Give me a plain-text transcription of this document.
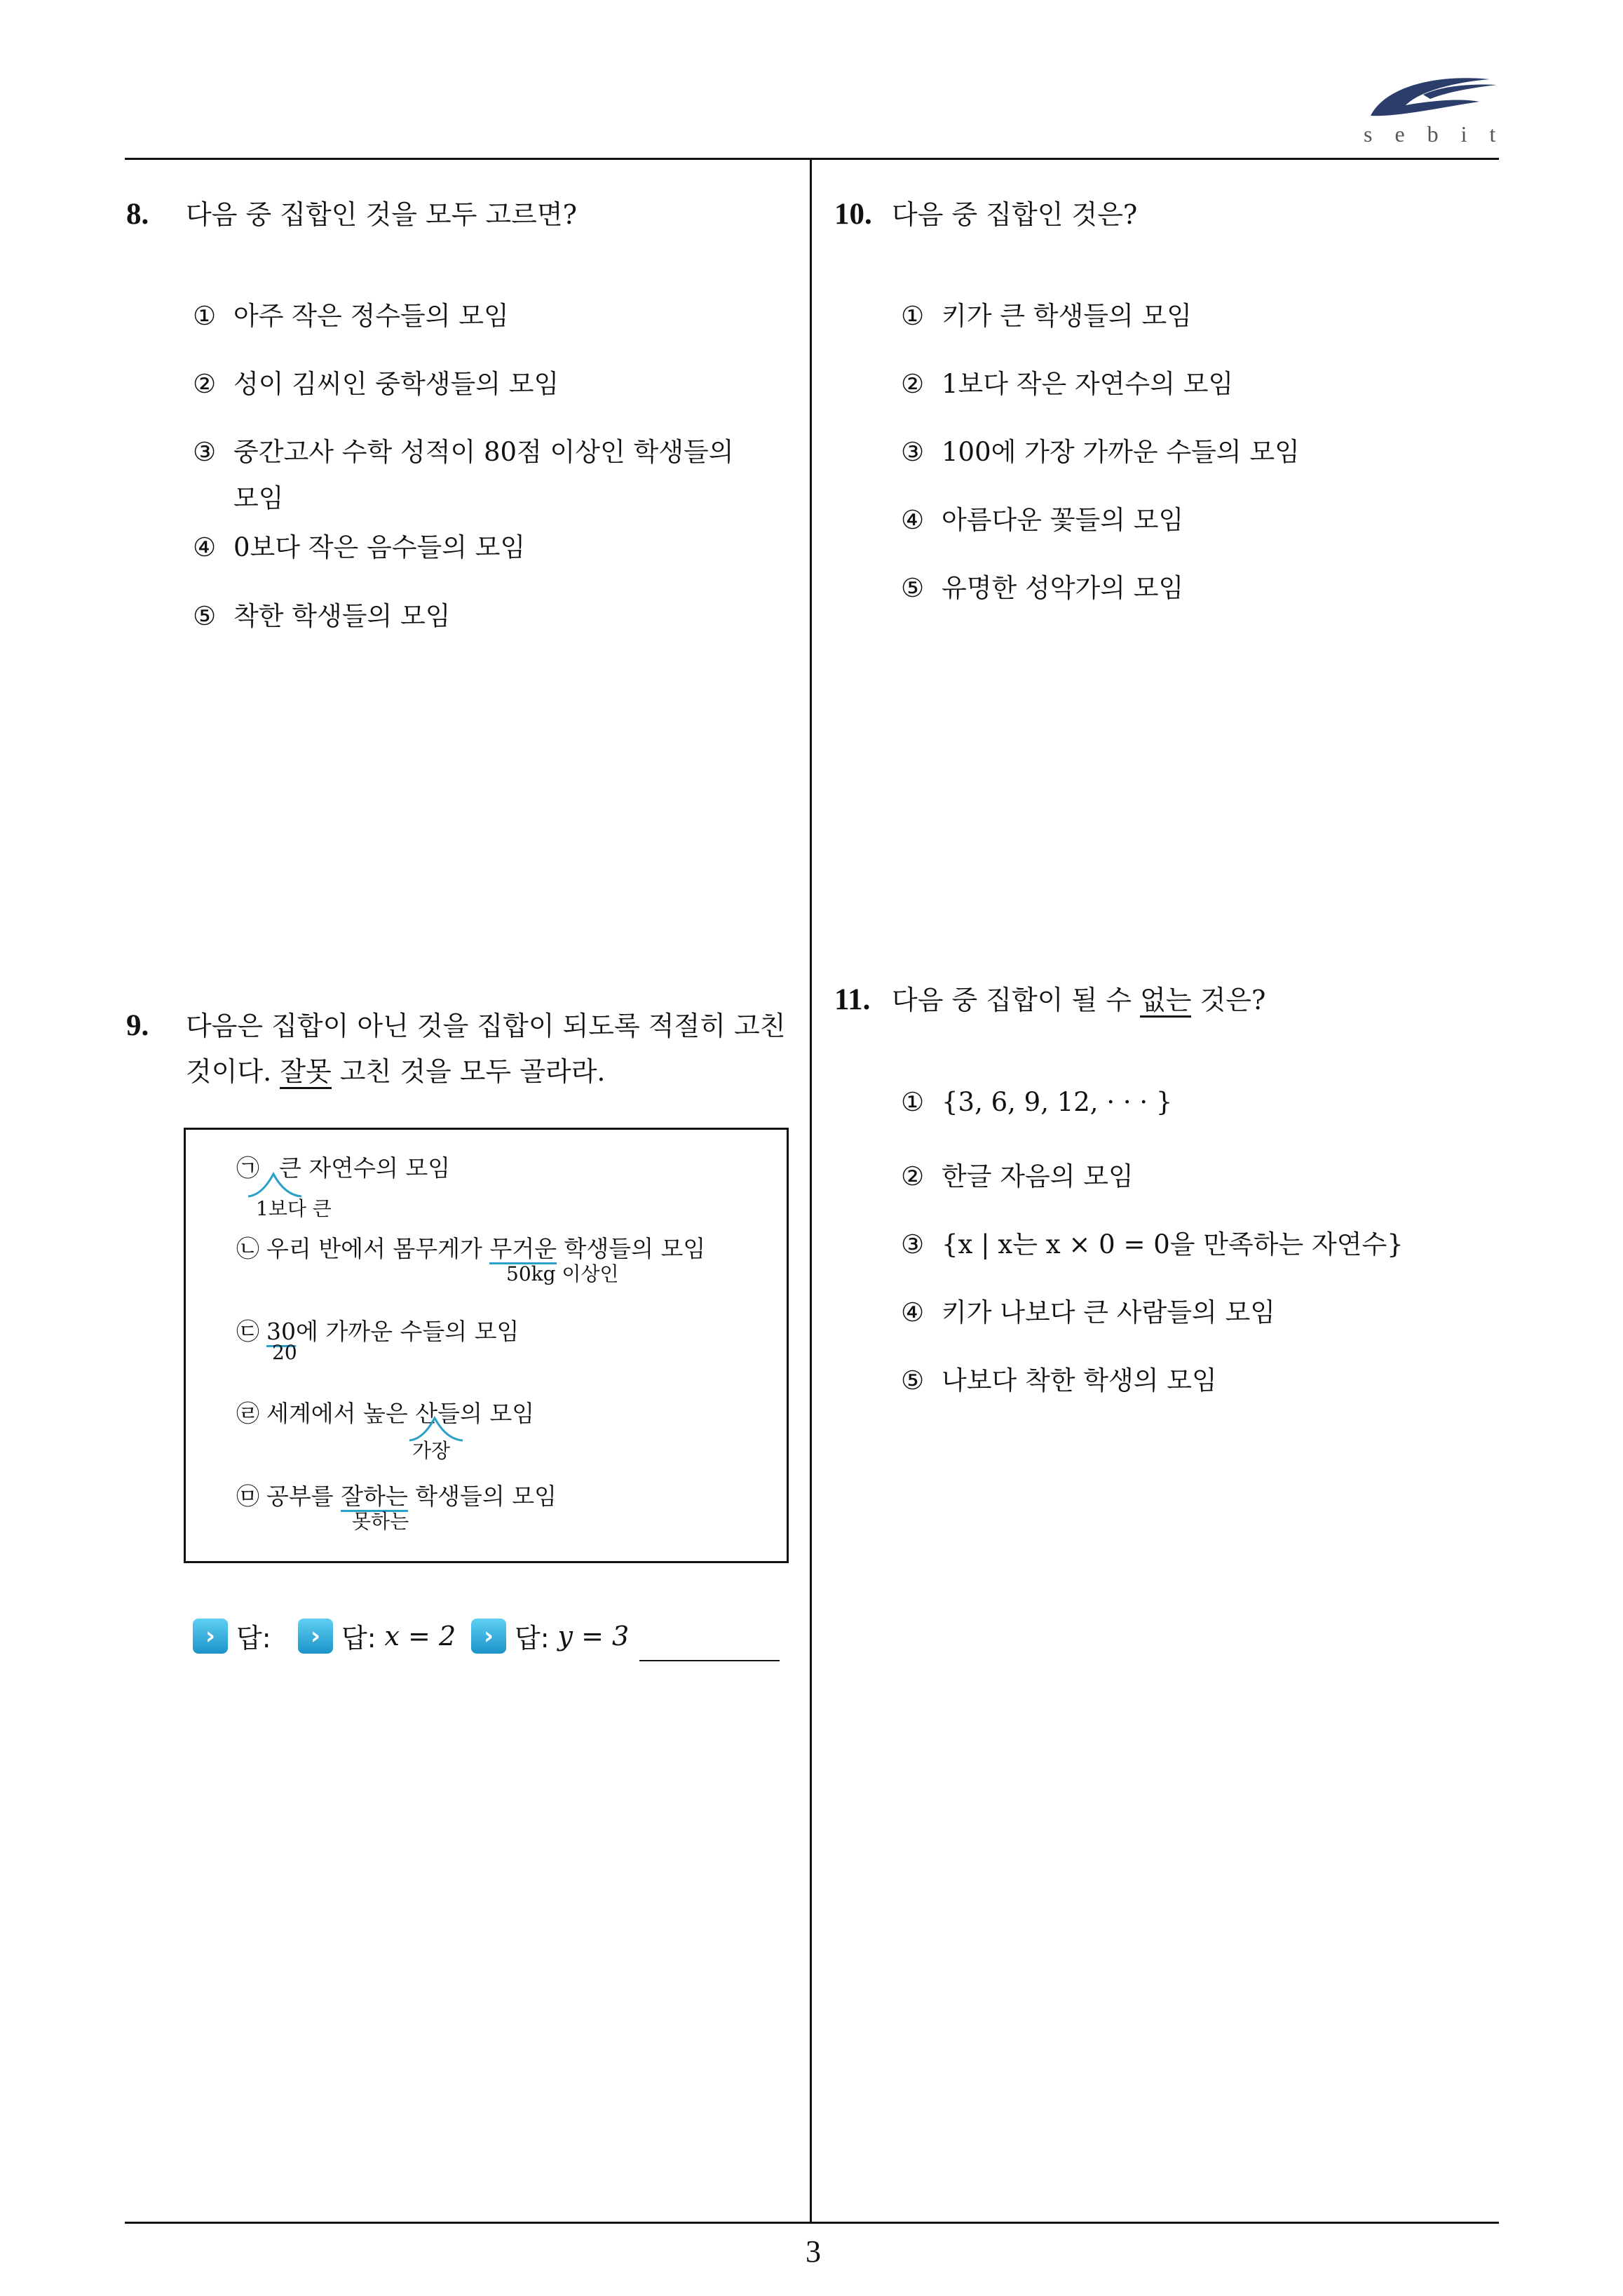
s e b i t
8. 다음 중 집합인 것을 모두 고르면?
① 아주 작은 정수들의 모임
② 성이 김씨인 중학생들의 모임
③ 중간고사 수학 성적이 80점 이상인 학생들의
모임
④ 0보다 작은 음수들의 모임
⑤ 착한 학생들의 모임
9. 다음은 집합이 아닌 것을 집합이 되도록 적절히 고친
것이다. 잘못 고친 것을 모두 골라라.
㉠ 큰 자연수의 모임
1보다 큰
㉡ 우리 반에서 몸무게가 무거운 학생들의 모임
50kg 이상인
㉢ 30에 가까운 수들의 모임
20
㉣ 세계에서 높은 산들의 모임
가장
㉤ 공부를 잘하는 학생들의 모임
못하는
› 답:	› 답: x = 2	› 답: y = 3
10. 다음 중 집합인 것은?
① 키가 큰 학생들의 모임
② 1보다 작은 자연수의 모임
③ 100에 가장 가까운 수들의 모임
④ 아름다운 꽃들의 모임
⑤ 유명한 성악가의 모임
11. 다음 중 집합이 될 수 없는 것은?
① {3, 6, 9, 12, · · · }
② 한글 자음의 모임
③ {x | x는 x × 0 = 0을 만족하는 자연수}
④ 키가 나보다 큰 사람들의 모임
⑤ 나보다 착한 학생의 모임
3
